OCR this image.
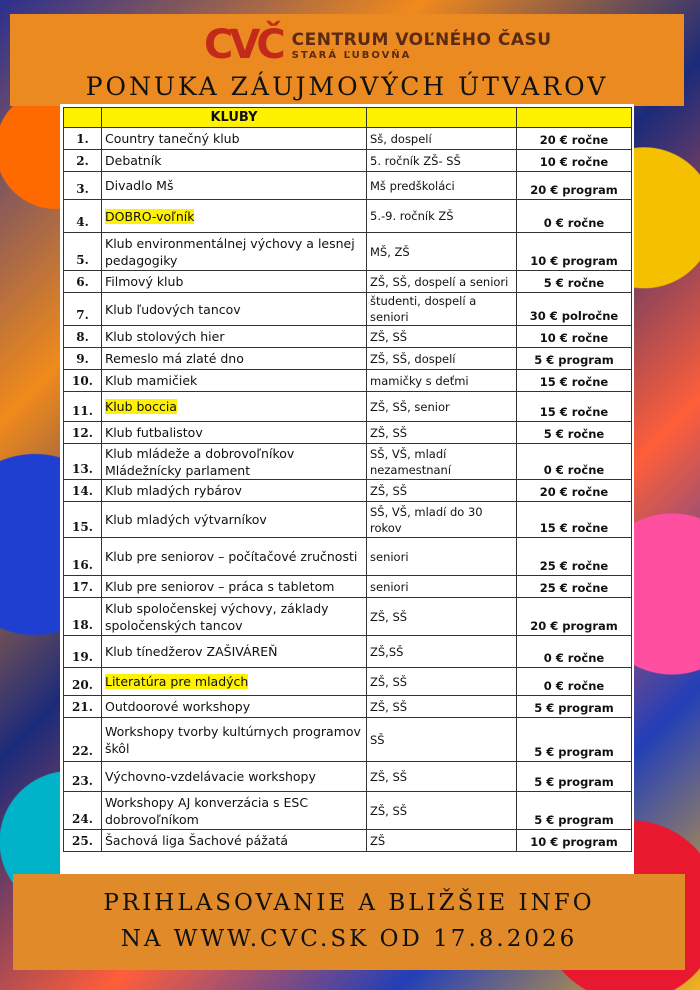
CVČ CENTRUM VOĽNÉHO ČASU
STARÁ ĽUBOVŇA
PONUKA ZÁUJMOVÝCH ÚTVAROV
	KLUBY		
1.	Country tanečný klub	Sš, dospelí	20 € ročne
2.	Debatník	5. ročník ZŠ- SŠ	10 € ročne
3.	Divadlo Mš	Mš predškoláci	20 € program
4.	DOBRO-voľník	5.-9. ročník ZŠ	0 € ročne
5.	Klub environmentálnej výchovy a lesnej pedagogiky	MŠ, ZŠ	10 € program
6.	Filmový klub	ZŠ, SŠ, dospelí a seniori	5 € ročne
7.	Klub ľudových tancov	študenti, dospelí a seniori	30 € polročne
8.	Klub stolových hier	ZŠ, SŠ	10 € ročne
9.	Remeslo má zlaté dno	ZŠ, SŠ, dospelí	5 € program
10.	Klub mamičiek	mamičky s deťmi	15 € ročne
11.	Klub boccia	ZŠ, SŠ, senior	15 € ročne
12.	Klub futbalistov	ZŠ, SŠ	5 € ročne
13.	Klub mládeže a dobrovoľníkov Mládežnícky parlament	SŠ, VŠ, mladí nezamestnaní	0 € ročne
14.	Klub mladých rybárov	ZŠ, SŠ	20 € ročne
15.	Klub mladých výtvarníkov	SŠ, VŠ, mladí do 30 rokov	15 € ročne
16.	Klub pre seniorov – počítačové zručnosti	seniori	25 € ročne
17.	Klub pre seniorov – práca s tabletom	seniori	25 € ročne
18.	Klub spoločenskej výchovy, základy spoločenských tancov	ZŠ, SŠ	20 € program
19.	Klub tínedžerov ZAŠIVÁREŇ	ZŠ,SŠ	0 € ročne
20.	Literatúra pre mladých	ZŠ, SŠ	0 € ročne
21.	Outdoorové workshopy	ZŠ, SŠ	5 € program
22.	Workshopy tvorby kultúrnych programov škôl	SŠ	5 € program
23.	Výchovno-vzdelávacie workshopy	ZŠ, SŠ	5 € program
24.	Workshopy AJ konverzácia s ESC dobrovoľníkom	ZŠ, SŠ	5 € program
25.	Šachová liga Šachové pážatá	ZŠ	10 € program
PRIHLASOVANIE A BLIŽŠIE INFO
NA WWW.CVC.SK OD 17.8.2026
